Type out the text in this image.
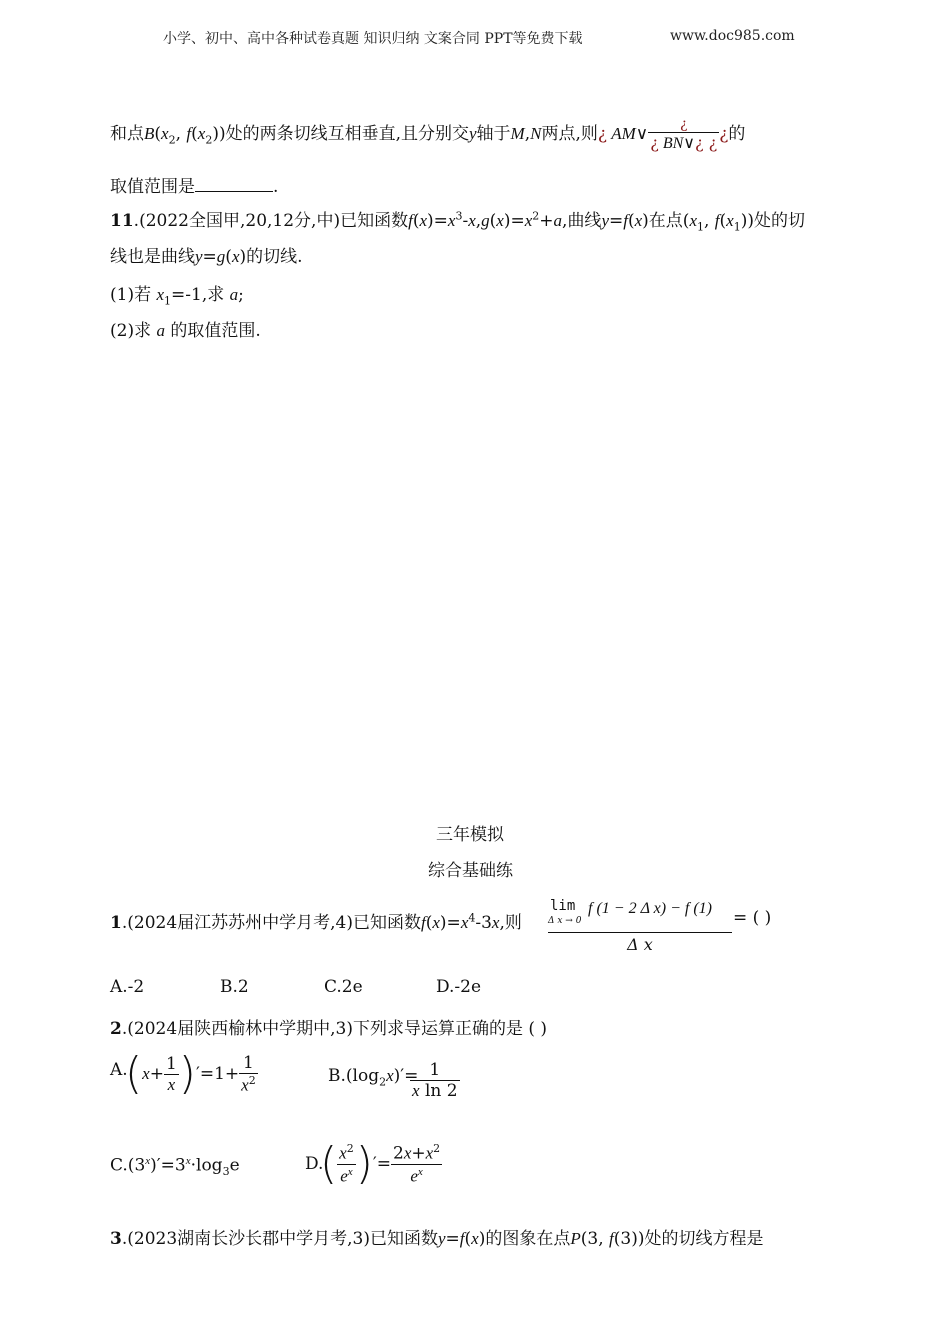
小学、初中、高中各种试卷真题 知识归纳 文案合同 PPT等免费下载	www.doc985.com
和点$B(x_2$, $f(x_2)$)处的两条切线互相垂直,且分别交y轴于M,N两点,则¿ AM∨ $\frac{¿}{¿ BN\vee¿ ¿}$ ¿的
取值范围是	.
11.(2022全国甲,20,12分,中)已知函数$f(x)=x^3-x,g(x)=x^2+a$,曲线y=f(x)在点($x_1$, $f(x_1)$)处的切
线也是曲线y=g(x)的切线.
(1)若 $x_1=-1$,求 a;
(2)求 a 的取值范围.
三年模拟
综合基础练
1.(2024届江苏苏州中学月考,4)已知函数$f(x)=x^4-3x$,则
lim
Δ x → 0
f (1 − 2 Δ x) − f (1)
Δ x
= ( )
A.-2	B.2	C.2e	D.-2e
2.(2024届陕西榆林中学期中,3)下列求导运算正确的是 ( )
A.
$(x+ \frac{1}{x} )'=1+ \frac{1}{x^2}$	$B.(\log_2x)'=$
$\frac{1}{\text{x ln 2}}$
$C.(3^x)'=3^x\cdot\log_3e$	D.
( $\frac{x^2}{e^x}$ )′= $\frac{2x+x^2}{e^x}$
3.(2023湖南长沙长郡中学月考,3)已知函数y=f(x)的图象在点P(3, f(3))处的切线方程是
